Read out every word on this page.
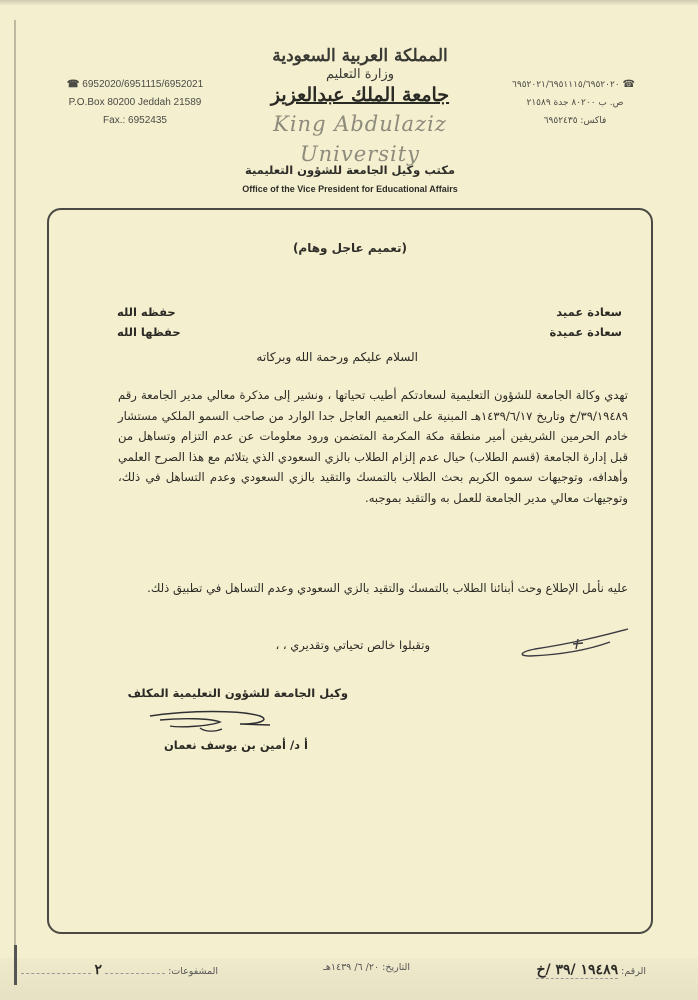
☎ 6952020/6951115/6952021
P.O.Box 80200 Jeddah 21589
Fax.: 6952435
☎ ٦٩٥٢٠٢١/٦٩٥١١١٥/٦٩٥٢٠٢٠
ص. ب ٨٠٢٠٠ جدة ٢١٥٨٩
فاكس: ٦٩٥٢٤٣٥
المملكة العربية السعودية
وزارة التعليم
جامعة الملك عبدالعزيز
King Abdulaziz University
مكتب وكيل الجامعة للشؤون التعليمية
Office of the Vice President for Educational Affairs
(تعميم عاجل وهام)
سعادة عميد
سعادة عميدة
حفظه الله
حفظها الله
السلام عليكم ورحمة الله وبركاته
تهدي وكالة الجامعة للشؤون التعليمية لسعادتكم أطيب تحياتها ، ونشير إلى مذكرة معالي مدير الجامعة رقم ٣٩/١٩٤٨٩/خ وتاريخ ١٤٣٩/٦/١٧هـ المبنية على التعميم العاجل جدا الوارد من صاحب السمو الملكي مستشار خادم الحرمين الشريفين أمير منطقة مكة المكرمة المتضمن ورود معلومات عن عدم التزام وتساهل من قبل إدارة الجامعة (قسم الطلاب) حيال عدم إلزام الطلاب بالزي السعودي الذي يتلائم مع هذا الصرح العلمي وأهدافه، وتوجيهات سموه الكريم بحث الطلاب بالتمسك والتقيد بالزي السعودي وعدم التساهل في ذلك، وتوجيهات معالي مدير الجامعة للعمل به والتقيد بموجبه.
عليه نأمل الإطلاع وحث أبنائنا الطلاب بالتمسك والتقيد بالزي السعودي وعدم التساهل في تطبيق ذلك.
وتقبلوا خالص تحياتي وتقديري ، ،
وكيل الجامعة للشؤون التعليمية المكلف
أ د/ أمين بن يوسف نعمان
الرقم: ١٩٤٨٩ /٣٩ /خ
التاريخ: ٢٠/ ٦/ ١٤٣٩هـ
المشفوعات:  ٢
